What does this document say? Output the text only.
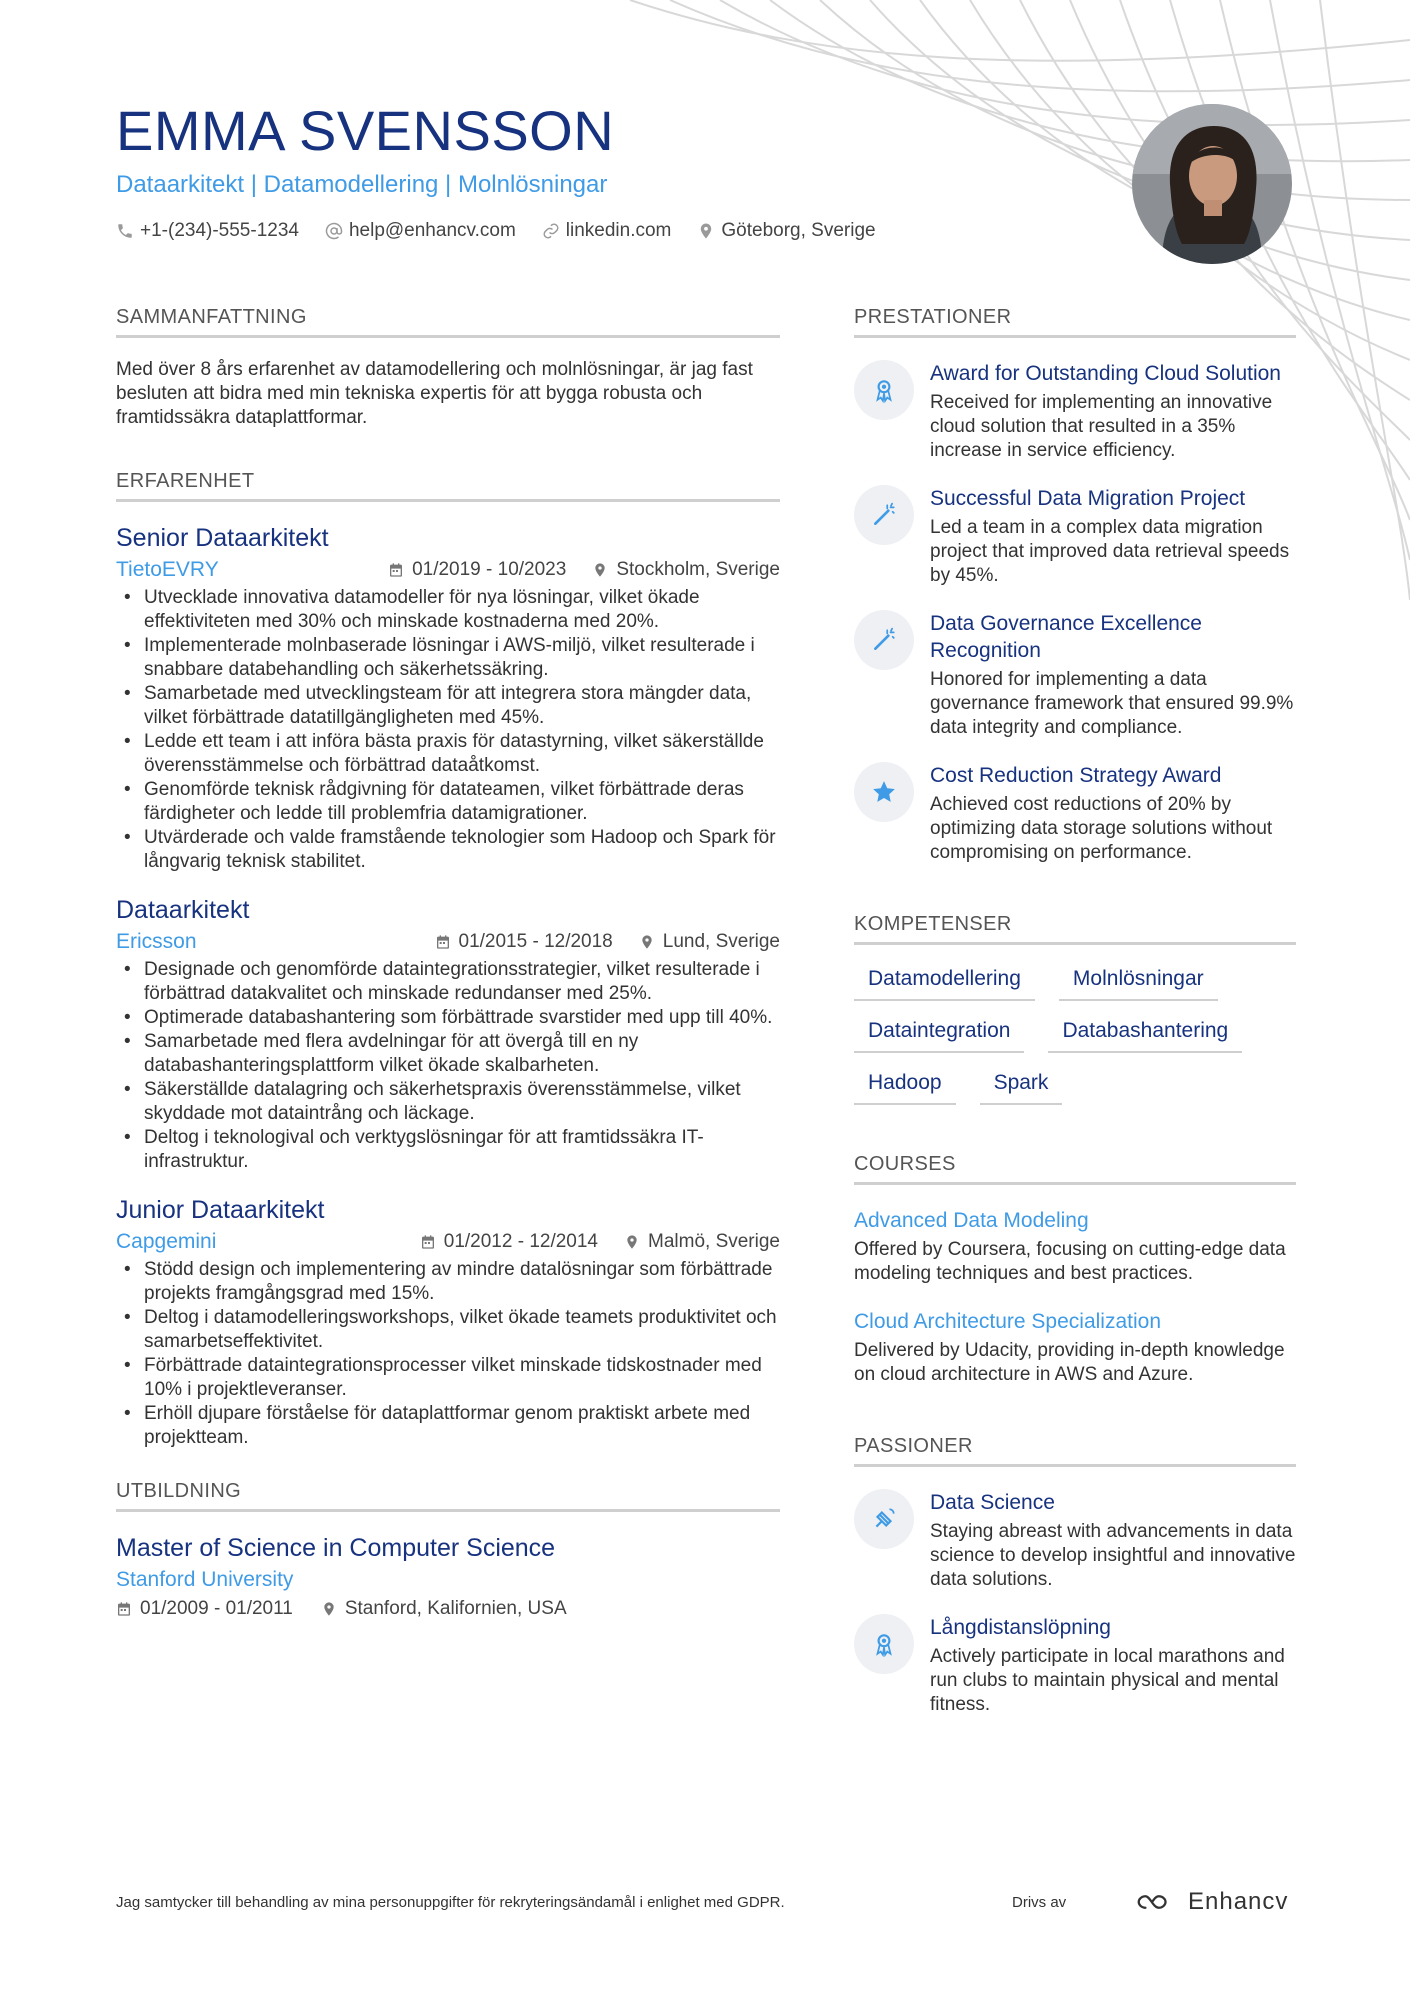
EMMA SVENSSON
Dataarkitekt | Datamodellering | Molnlösningar
+1-(234)-555-1234	help@enhancv.com	linkedin.com	Göteborg, Sverige
SAMMANFATTNING
Med över 8 års erfarenhet av datamodellering och molnlösningar, är jag fast besluten att bidra med min tekniska expertis för att bygga robusta och framtidssäkra dataplattformar.
ERFARENHET
Senior Dataarkitekt
TietoEVRY	01/2019 - 10/2023	Stockholm, Sverige
• Utvecklade innovativa datamodeller för nya lösningar, vilket ökade effektiviteten med 30% och minskade kostnaderna med 20%.
• Implementerade molnbaserade lösningar i AWS-miljö, vilket resulterade i snabbare databehandling och säkerhetssäkring.
• Samarbetade med utvecklingsteam för att integrera stora mängder data, vilket förbättrade datatillgängligheten med 45%.
• Ledde ett team i att införa bästa praxis för datastyrning, vilket säkerställde överensstämmelse och förbättrad dataåtkomst.
• Genomförde teknisk rådgivning för datateamen, vilket förbättrade deras färdigheter och ledde till problemfria datamigrationer.
• Utvärderade och valde framstående teknologier som Hadoop och Spark för långvarig teknisk stabilitet.
Dataarkitekt
Ericsson	01/2015 - 12/2018	Lund, Sverige
• Designade och genomförde dataintegrationsstrategier, vilket resulterade i förbättrad datakvalitet och minskade redundanser med 25%.
• Optimerade databashantering som förbättrade svarstider med upp till 40%.
• Samarbetade med flera avdelningar för att övergå till en ny databashanteringsplattform vilket ökade skalbarheten.
• Säkerställde datalagring och säkerhetspraxis överensstämmelse, vilket skyddade mot dataintrång och läckage.
• Deltog i teknologival och verktygslösningar för att framtidssäkra IT-infrastruktur.
Junior Dataarkitekt
Capgemini	01/2012 - 12/2014	Malmö, Sverige
• Stödd design och implementering av mindre datalösningar som förbättrade projekts framgångsgrad med 15%.
• Deltog i datamodelleringsworkshops, vilket ökade teamets produktivitet och samarbetseffektivitet.
• Förbättrade dataintegrationsprocesser vilket minskade tidskostnader med 10% i projektleveranser.
• Erhöll djupare förståelse för dataplattformar genom praktiskt arbete med projektteam.
UTBILDNING
Master of Science in Computer Science
Stanford University
01/2009 - 01/2011	Stanford, Kalifornien, USA
PRESTATIONER
Award for Outstanding Cloud Solution
Received for implementing an innovative cloud solution that resulted in a 35% increase in service efficiency.
Successful Data Migration Project
Led a team in a complex data migration project that improved data retrieval speeds by 45%.
Data Governance Excellence Recognition
Honored for implementing a data governance framework that ensured 99.9% data integrity and compliance.
Cost Reduction Strategy Award
Achieved cost reductions of 20% by optimizing data storage solutions without compromising on performance.
KOMPETENSER
Datamodellering	Molnlösningar
Dataintegration	Databashantering
Hadoop	Spark
COURSES
Advanced Data Modeling
Offered by Coursera, focusing on cutting-edge data modeling techniques and best practices.
Cloud Architecture Specialization
Delivered by Udacity, providing in-depth knowledge on cloud architecture in AWS and Azure.
PASSIONER
Data Science
Staying abreast with advancements in data science to develop insightful and innovative data solutions.
Långdistanslöpning
Actively participate in local marathons and run clubs to maintain physical and mental fitness.
Jag samtycker till behandling av mina personuppgifter för rekryteringsändamål i enlighet med GDPR.	Drivs av	Enhancv
